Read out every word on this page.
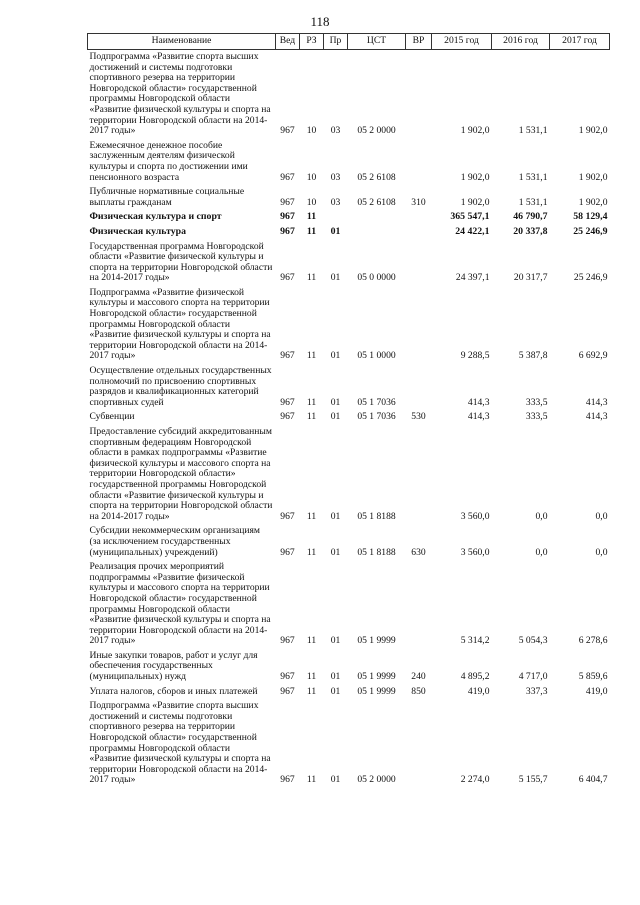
118
Наименование	Вед	РЗ	Пр	ЦСТ	ВР	2015 год	2016 год	2017 год
Подпрограмма «Развитие спорта высших достижений и системы подготовки спортивного резерва на территории Новгородской области» государственной программы Новгородской области «Развитие физической культуры и спорта на территории Новгородской области на 2014-2017 годы»	967	10	03	05 2 0000		1 902,0	1 531,1	1 902,0
Ежемесячное денежное пособие заслуженным деятелям физической культуры и спорта по достижении ими пенсионного возраста	967	10	03	05 2 6108		1 902,0	1 531,1	1 902,0
Публичные нормативные социальные выплаты гражданам	967	10	03	05 2 6108	310	1 902,0	1 531,1	1 902,0
Физическая культура и спорт	967	11				365 547,1	46 790,7	58 129,4
Физическая культура	967	11	01			24 422,1	20 337,8	25 246,9
Государственная программа Новгородской области «Развитие физической культуры и спорта на территории Новгородской области на 2014-2017 годы»	967	11	01	05 0 0000		24 397,1	20 317,7	25 246,9
Подпрограмма «Развитие физической культуры и массового спорта на территории Новгородской области» государственной программы Новгородской области «Развитие физической культуры и спорта на территории Новгородской области на 2014-2017 годы»	967	11	01	05 1 0000		9 288,5	5 387,8	6 692,9
Осуществление отдельных государственных полномочий по присвоению спортивных разрядов и квалификационных категорий спортивных судей	967	11	01	05 1 7036		414,3	333,5	414,3
Субвенции	967	11	01	05 1 7036	530	414,3	333,5	414,3
Предоставление субсидий аккредитованным спортивным федерациям Новгородской области в рамках подпрограммы «Развитие физической культуры и массового спорта на территории Новгородской области» государственной программы Новгородской области «Развитие физической культуры и спорта на территории Новгородской области на 2014-2017 годы»	967	11	01	05 1 8188		3 560,0	0,0	0,0
Субсидии некоммерческим организациям (за исключением государственных (муниципальных) учреждений)	967	11	01	05 1 8188	630	3 560,0	0,0	0,0
Реализация прочих мероприятий подпрограммы «Развитие физической культуры и массового спорта на территории Новгородской области» государственной программы Новгородской области «Развитие физической культуры и спорта на территории Новгородской области на 2014-2017 годы»	967	11	01	05 1 9999		5 314,2	5 054,3	6 278,6
Иные закупки товаров, работ и услуг для обеспечения государственных (муниципальных) нужд	967	11	01	05 1 9999	240	4 895,2	4 717,0	5 859,6
Уплата налогов, сборов и иных платежей	967	11	01	05 1 9999	850	419,0	337,3	419,0
Подпрограмма «Развитие спорта высших достижений и системы подготовки спортивного резерва на территории Новгородской области» государственной программы Новгородской области «Развитие физической культуры и спорта на территории Новгородской области на 2014-2017 годы»	967	11	01	05 2 0000		2 274,0	5 155,7	6 404,7
